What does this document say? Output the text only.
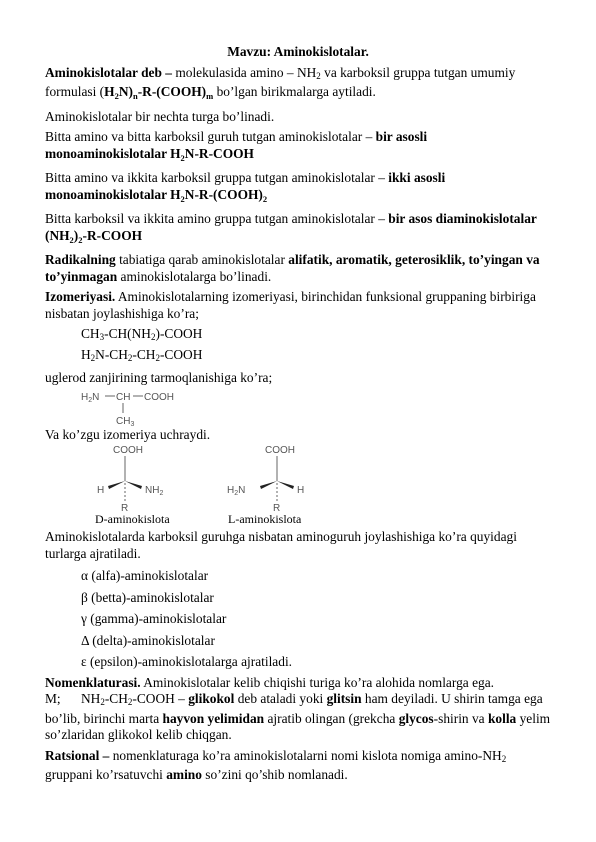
Mavzu: Aminokislotalar.

Aminokislotalar deb – molekulasida amino – NH2 va karboksil gruppa tutgan umumiy formulasi $(H_2N)_n-R-(COOH)_m$ bo’lgan birikmalarga aytiladi.

Aminokislotalar bir nechta turga bo’linadi.

Bitta amino va bitta karboksil guruh tutgan aminokislotalar – bir asosli monoaminokislotalar $H_2N-R$-COOH

Bitta amino va ikkita karboksil gruppa tutgan aminokislotalar – ikki asosli monoaminokislotalar $H_2N-R-(COOH)_2$

Bitta karboksil va ikkita amino gruppa tutgan aminokislotalar – bir asos diaminokislotalar $(NH_2)_2-R$-COOH

Radikalning tabiatiga qarab aminokislotalar alifatik, aromatik, geterosiklik, to’yingan va to’yinmagan aminokislotalarga bo’linadi.

Izomeriyasi. Aminokislotalarning izomeriyasi, birinchidan funksional gruppaning birbiriga nisbatan joylashishiga ko’ra;

CH3-CH(NH2)-COOH

H2N-CH2-CH2-COOH

uglerod zanjirining tarmoqlanishiga ko’ra;

$H_2N$ CH COOH
$CH_3$

Va ko’zgu izomeriya uchraydi.

COOH
H	$NH_2$
R
COOH
$H_2N$	H
R
D-aminokislota	L-aminokislota

Aminokislotalarda karboksil guruhga nisbatan aminoguruh joylashishiga ko’ra quyidagi turlarga ajratiladi.

α (alfa)-aminokislotalar

β (betta)-aminokislotalar

γ (gamma)-aminokislotalar

Δ (delta)-aminokislotalar

ε (epsilon)-aminokislotalarga ajratiladi.

Nomenklaturasi. Aminokislotalar kelib chiqishi turiga ko’ra alohida nomlarga ega.

M; NH2-CH2-COOH – glikokol deb ataladi yoki glitsin ham deyiladi. U shirin tamga ega bo’lib, birinchi marta hayvon yelimidan ajratib olingan (grekcha glycos-shirin va kolla yelim so’zlaridan glikokol kelib chiqgan.

Ratsional – nomenklaturaga ko’ra aminokislotalarni nomi kislota nomiga amino-NH2 gruppani ko’rsatuvchi amino so’zini qo’shib nomlanadi.
